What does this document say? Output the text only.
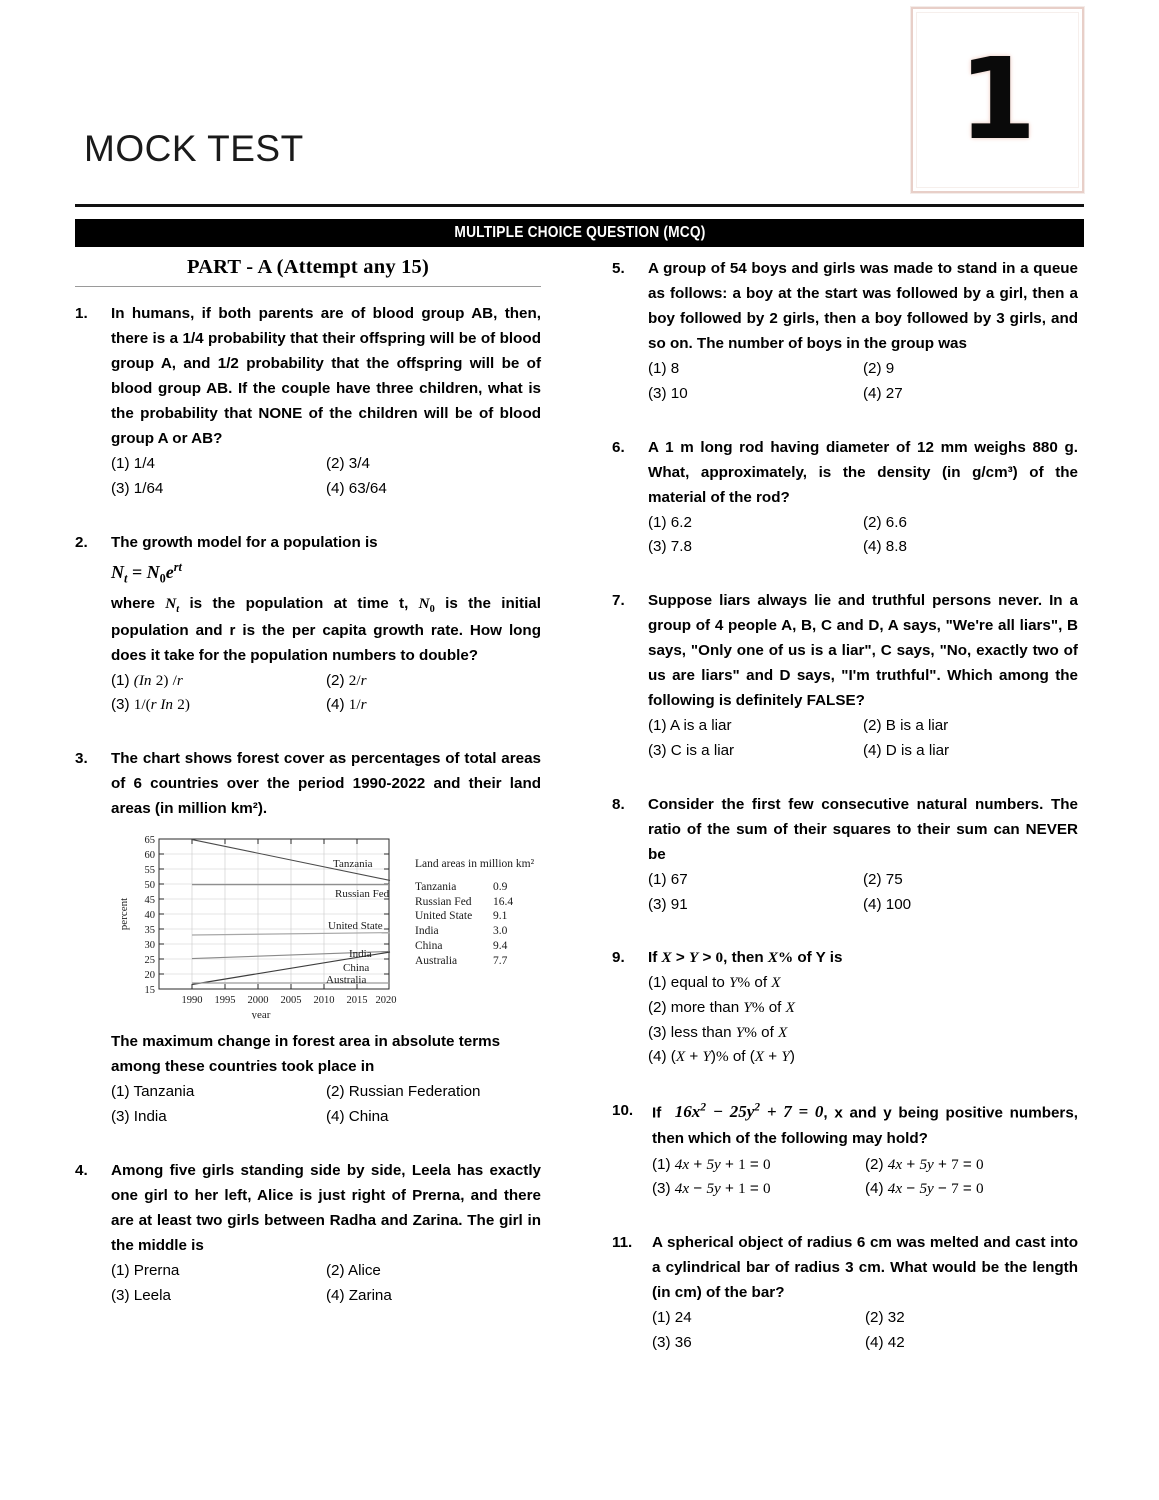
MOCK TEST	1
MULTIPLE CHOICE QUESTION (MCQ)
PART - A (Attempt any 15)
1.	In humans, if both parents are of blood group AB, then, there is a 1/4 probability that their offspring will be of blood group A, and 1/2 probability that the offspring will be of blood group AB. If the couple have three children, what is the probability that NONE of the children will be of blood group A or AB?
(1) 1/4	(2) 3/4
(3) 1/64	(4) 63/64
2.	The growth model for a population is
$N_t = N_0e^{rt}$
where $N_t$ is the population at time t, $N_0$ is the initial population and r is the per capita growth rate. How long does it take for the population numbers to double?
(1) (In 2) /r	(2) 2/r
(3) 1/(r In 2)	(4) 1/r
3.	The chart shows forest cover as percentages of total areas of 6 countries over the period 1990-2022 and their land areas (in million km²).
65
60
55
50
45
40
35
30
25
20
15
1990 1995 2000 2005 2010 2015 2020
year
percent
Tanzania
Russian Fed
United State
India
China
Australia
Land areas in million km²
Tanzania	0.9
Russian Fed	16.4
United State	9.1
India	3.0
China	9.4
Australia	7.7
The maximum change in forest area in absolute terms among these countries took place in
(1) Tanzania	(2) Russian Federation
(3) India	(4) China
4.	Among five girls standing side by side, Leela has exactly one girl to her left, Alice is just right of Prerna, and there are at least two girls between Radha and Zarina. The girl in the middle is
(1) Prerna	(2) Alice
(3) Leela	(4) Zarina
5.	A group of 54 boys and girls was made to stand in a queue as follows: a boy at the start was followed by a girl, then a boy followed by 2 girls, then a boy followed by 3 girls, and so on. The number of boys in the group was
(1) 8	(2) 9
(3) 10	(4) 27
6.	A 1 m long rod having diameter of 12 mm weighs 880 g. What, approximately, is the density (in g/cm³) of the material of the rod?
(1) 6.2	(2) 6.6
(3) 7.8	(4) 8.8
7.	Suppose liars always lie and truthful persons never. In a group of 4 people A, B, C and D, A says, "We're all liars", B says, "Only one of us is a liar", C says, "No, exactly two of us are liars" and D says, "I'm truthful". Which among the following is definitely FALSE?
(1) A is a liar	(2) B is a liar
(3) C is a liar	(4) D is a liar
8.	Consider the first few consecutive natural numbers. The ratio of the sum of their squares to their sum can NEVER be
(1) 67	(2) 75
(3) 91	(4) 100
9.	If X > Y > 0, then X% of Y is
(1) equal to Y% of X
(2) more than Y% of X
(3) less than Y% of X
(4) (X + Y)% of (X + Y)
10.	If  $16x^2 - 25y^2 + 7 = 0$, x and y being positive numbers, then which of the following may hold?
(1) 4x + 5y + 1 = 0	(2) 4x + 5y + 7 = 0
(3) 4x − 5y + 1 = 0	(4) 4x − 5y − 7 = 0
11.	A spherical object of radius 6 cm was melted and cast into a cylindrical bar of radius 3 cm. What would be the length (in cm) of the bar?
(1) 24	(2) 32
(3) 36	(4) 42
